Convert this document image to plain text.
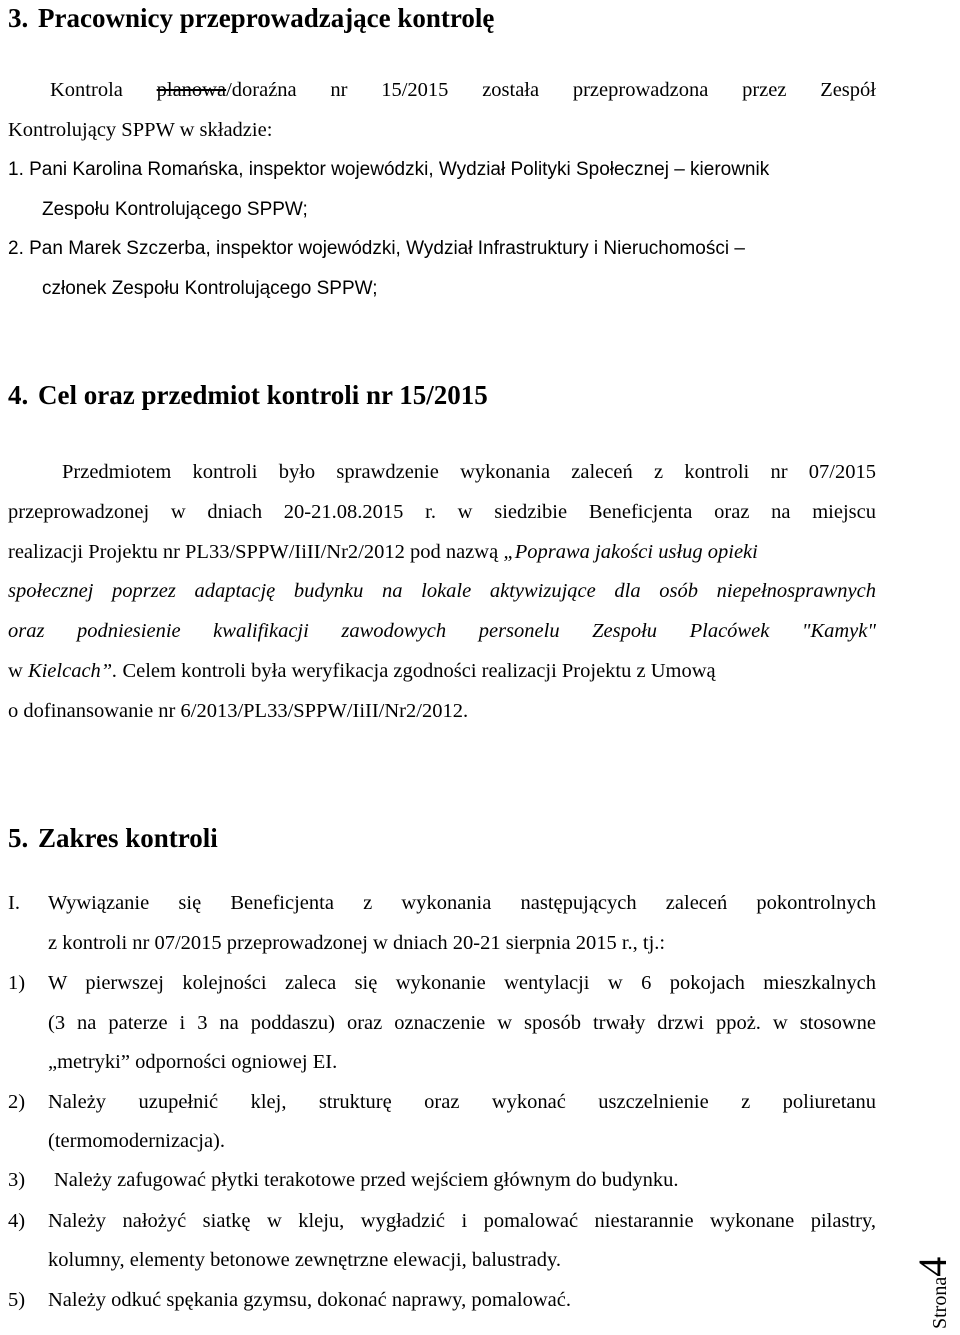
3. Pracownicy przeprowadzające kontrolę
Kontrola planowa/doraźna nr 15/2015 została przeprowadzona przez Zespół
Kontrolujący SPPW w składzie:
1. Pani Karolina Romańska, inspektor wojewódzki, Wydział Polityki Społecznej – kierownik
Zespołu Kontrolującego SPPW;
2. Pan Marek Szczerba, inspektor wojewódzki, Wydział Infrastruktury i Nieruchomości –
członek Zespołu Kontrolującego SPPW;
4. Cel oraz przedmiot kontroli nr 15/2015
Przedmiotem kontroli było sprawdzenie wykonania zaleceń z kontroli nr 07/2015
przeprowadzonej w dniach 20-21.08.2015 r. w siedzibie Beneficjenta oraz na miejscu
realizacji Projektu nr PL33/SPPW/IiII/Nr2/2012 pod nazwą „Poprawa jakości usług opieki
społecznej poprzez adaptację budynku na lokale aktywizujące dla osób niepełnosprawnych
oraz podniesienie kwalifikacji zawodowych personelu Zespołu Placówek "Kamyk"
w Kielcach”. Celem kontroli była weryfikacja zgodności realizacji Projektu z Umową
o dofinansowanie nr 6/2013/PL33/SPPW/IiII/Nr2/2012.
5. Zakres kontroli
I. Wywiązanie się Beneficjenta z wykonania następujących zaleceń pokontrolnych
z kontroli nr 07/2015 przeprowadzonej w dniach 20-21 sierpnia 2015 r., tj.:
1) W pierwszej kolejności zaleca się wykonanie wentylacji w 6 pokojach mieszkalnych
(3 na paterze i 3 na poddaszu) oraz oznaczenie w sposób trwały drzwi ppoż. w stosowne
„metryki” odporności ogniowej EI.
2) Należy uzupełnić klej, strukturę oraz wykonać uszczelnienie z poliuretanu
(termomodernizacja).
3) Należy zafugować płytki terakotowe przed wejściem głównym do budynku.
4) Należy nałożyć siatkę w kleju, wygładzić i pomalować niestarannie wykonane pilastry,
kolumny, elementy betonowe zewnętrzne elewacji, balustrady.
5) Należy odkuć spękania gzymsu, dokonać naprawy, pomalować.	Strona4
